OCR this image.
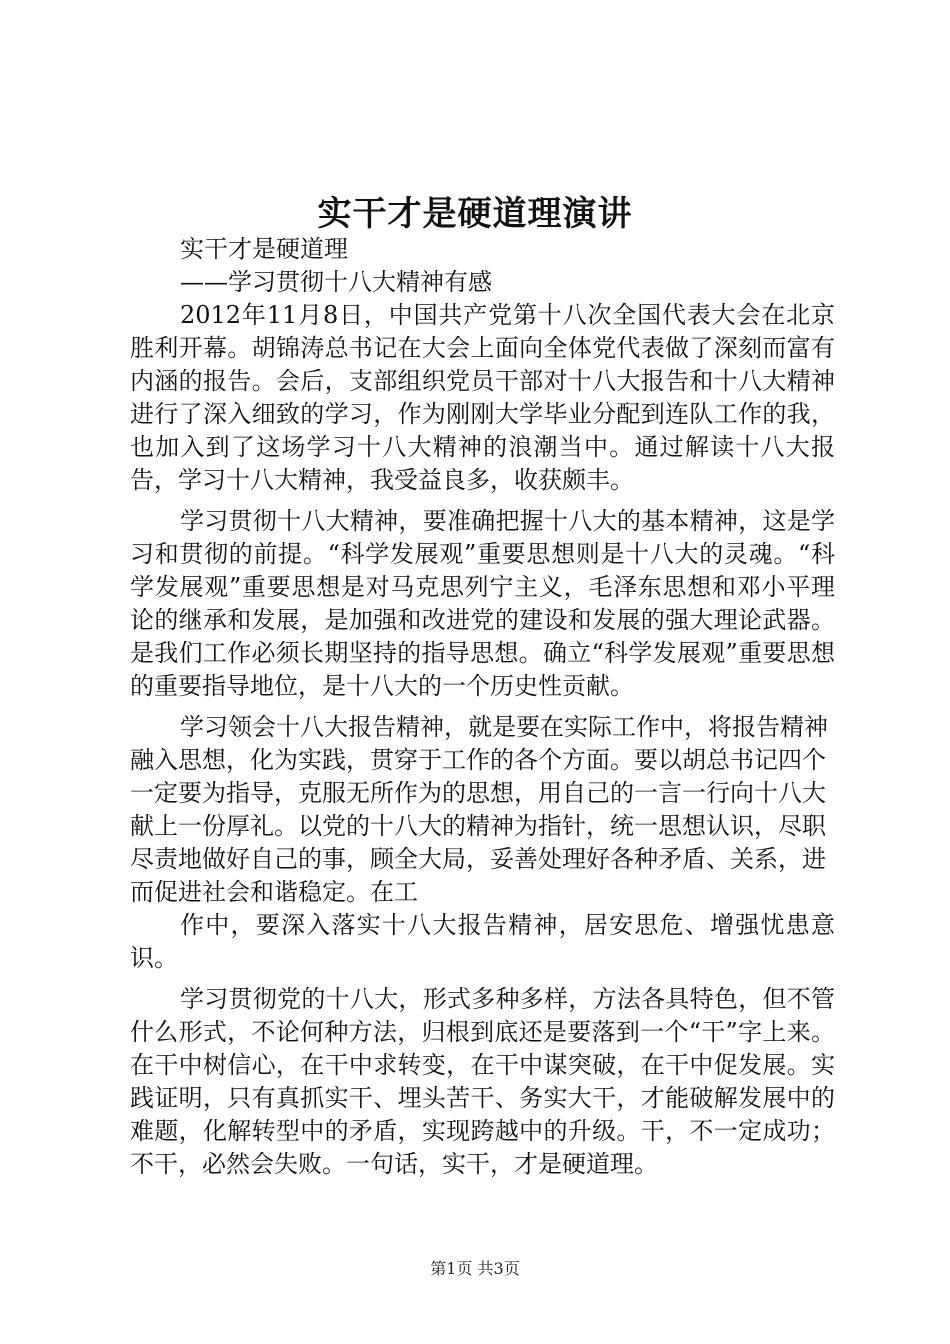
实干才是硬道理演讲

实干才是硬道理

——学习贯彻十八大精神有感

2012年11月8日，中国共产党第十八次全国代表大会在北京胜利开幕。胡锦涛总书记在大会上面向全体党代表做了深刻而富有内涵的报告。会后，支部组织党员干部对十八大报告和十八大精神进行了深入细致的学习，作为刚刚大学毕业分配到连队工作的我，也加入到了这场学习十八大精神的浪潮当中。通过解读十八大报告，学习十八大精神，我受益良多，收获颇丰。

学习贯彻十八大精神，要准确把握十八大的基本精神，这是学习和贯彻的前提。“科学发展观”重要思想则是十八大的灵魂。“科学发展观”重要思想是对马克思列宁主义，毛泽东思想和邓小平理论的继承和发展，是加强和改进党的建设和发展的强大理论武器。是我们工作必须长期坚持的指导思想。确立“科学发展观”重要思想的重要指导地位，是十八大的一个历史性贡献。

学习领会十八大报告精神，就是要在实际工作中，将报告精神融入思想，化为实践，贯穿于工作的各个方面。要以胡总书记四个一定要为指导，克服无所作为的思想，用自己的一言一行向十八大献上一份厚礼。以党的十八大的精神为指针，统一思想认识，尽职尽责地做好自己的事，顾全大局，妥善处理好各种矛盾、关系，进而促进社会和谐稳定。在工

作中，要深入落实十八大报告精神，居安思危、增强忧患意识。

学习贯彻党的十八大，形式多种多样，方法各具特色，但不管什么形式，不论何种方法，归根到底还是要落到一个“干”字上来。在干中树信心，在干中求转变，在干中谋突破，在干中促发展。实践证明，只有真抓实干、埋头苦干、务实大干，才能破解发展中的难题，化解转型中的矛盾，实现跨越中的升级。干，不一定成功；不干，必然会失败。一句话，实干，才是硬道理。

第1页 共3页
